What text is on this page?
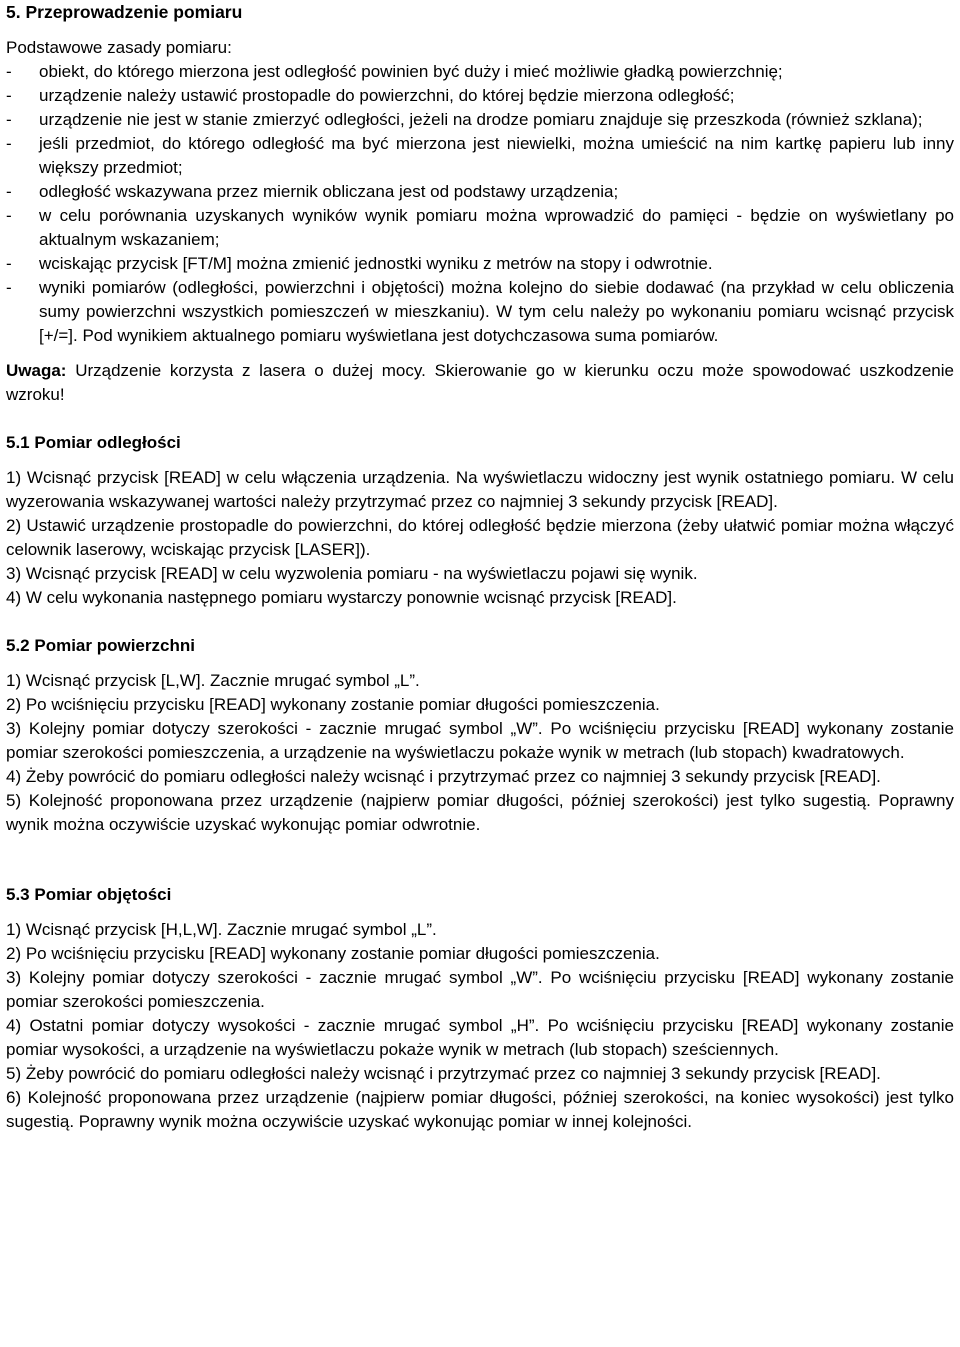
5. Przeprowadzenie pomiaru

Podstawowe zasady pomiaru:

- obiekt, do którego mierzona jest odległość powinien być duży i mieć możliwie gładką powierzchnię;
- urządzenie należy ustawić prostopadle do powierzchni, do której będzie mierzona odległość;
- urządzenie nie jest w stanie zmierzyć odległości, jeżeli na drodze pomiaru znajduje się przeszkoda (również szklana);
- jeśli przedmiot, do którego odległość ma być mierzona jest niewielki, można umieścić na nim kartkę papieru lub inny większy przedmiot;
- odległość wskazywana przez miernik obliczana jest od podstawy urządzenia;
- w celu porównania uzyskanych wyników wynik pomiaru można wprowadzić do pamięci - będzie on wyświetlany po aktualnym wskazaniem;
- wciskając przycisk [FT/M] można zmienić jednostki wyniku z metrów na stopy i odwrotnie.
- wyniki pomiarów (odległości, powierzchni i objętości) można kolejno do siebie dodawać (na przykład w celu obliczenia sumy powierzchni wszystkich pomieszczeń w mieszkaniu). W tym celu należy po wykonaniu pomiaru wcisnąć przycisk [+/=]. Pod wynikiem aktualnego pomiaru wyświetlana jest dotychczasowa suma pomiarów.

Uwaga: Urządzenie korzysta z lasera o dużej mocy. Skierowanie go w kierunku oczu może spowodować uszkodzenie wzroku!

5.1 Pomiar odległości

1) Wcisnąć przycisk [READ] w celu włączenia urządzenia. Na wyświetlaczu widoczny jest wynik ostatniego pomiaru. W celu wyzerowania wskazywanej wartości należy przytrzymać przez co najmniej 3 sekundy przycisk [READ].

2) Ustawić urządzenie prostopadle do powierzchni, do której odległość będzie mierzona (żeby ułatwić pomiar można włączyć celownik laserowy, wciskając przycisk [LASER]).

3) Wcisnąć przycisk [READ] w celu wyzwolenia pomiaru - na wyświetlaczu pojawi się wynik.

4) W celu wykonania następnego pomiaru wystarczy ponownie wcisnąć przycisk [READ].

5.2 Pomiar powierzchni

1) Wcisnąć przycisk [L,W]. Zacznie mrugać symbol „L”.

2) Po wciśnięciu przycisku [READ] wykonany zostanie pomiar długości pomieszczenia.

3) Kolejny pomiar dotyczy szerokości - zacznie mrugać symbol „W”. Po wciśnięciu przycisku [READ] wykonany zostanie pomiar szerokości pomieszczenia, a urządzenie na wyświetlaczu pokaże wynik w metrach (lub stopach) kwadratowych.

4) Żeby powrócić do pomiaru odległości należy wcisnąć i przytrzymać przez co najmniej 3 sekundy przycisk [READ].

5) Kolejność proponowana przez urządzenie (najpierw pomiar długości, później szerokości) jest tylko sugestią. Poprawny wynik można oczywiście uzyskać wykonując pomiar odwrotnie.

5.3 Pomiar objętości

1) Wcisnąć przycisk [H,L,W]. Zacznie mrugać symbol „L”.

2) Po wciśnięciu przycisku [READ] wykonany zostanie pomiar długości pomieszczenia.

3) Kolejny pomiar dotyczy szerokości - zacznie mrugać symbol „W”. Po wciśnięciu przycisku [READ] wykonany zostanie pomiar szerokości pomieszczenia.

4) Ostatni pomiar dotyczy wysokości - zacznie mrugać symbol „H”. Po wciśnięciu przycisku [READ] wykonany zostanie pomiar wysokości, a urządzenie na wyświetlaczu pokaże wynik w metrach (lub stopach) sześciennych.

5) Żeby powrócić do pomiaru odległości należy wcisnąć i przytrzymać przez co najmniej 3 sekundy przycisk [READ].

6) Kolejność proponowana przez urządzenie (najpierw pomiar długości, później szerokości, na koniec wysokości) jest tylko sugestią. Poprawny wynik można oczywiście uzyskać wykonując pomiar w innej kolejności.
